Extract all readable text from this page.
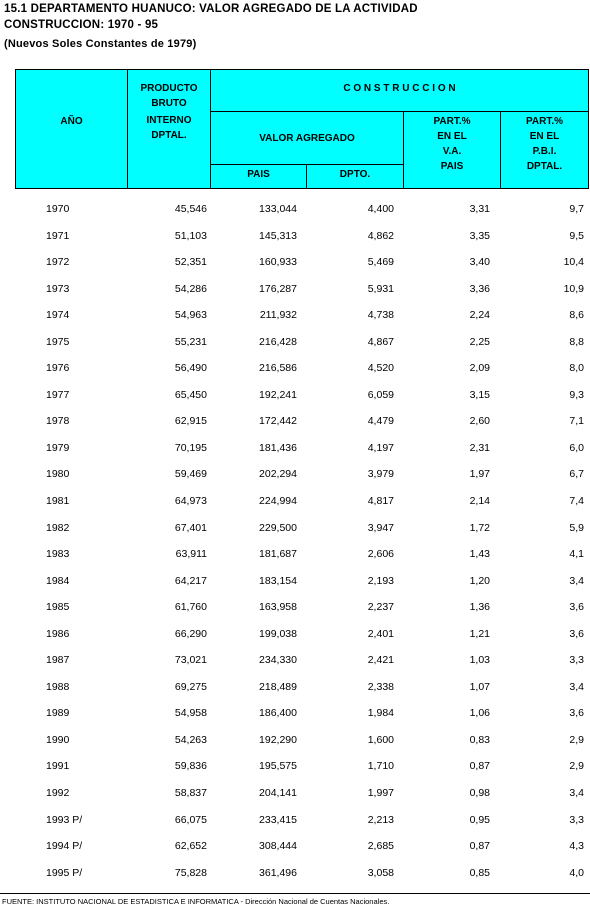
15.1 DEPARTAMENTO HUANUCO: VALOR AGREGADO DE LA ACTIVIDAD
CONSTRUCCION: 1970 - 95
(Nuevos Soles Constantes de 1979)
AÑO
PRODUCTO
BRUTO
INTERNO
DPTAL.
C O N S T R U C C I O N
VALOR AGREGADO
PAIS	DPTO.
PART.%
EN EL
V.A.
PAIS
PART.%
EN EL
P.B.I.
DPTAL.
1970	45,546	133,044	4,400	3,31	9,7
1971	51,103	145,313	4,862	3,35	9,5
1972	52,351	160,933	5,469	3,40	10,4
1973	54,286	176,287	5,931	3,36	10,9
1974	54,963	211,932	4,738	2,24	8,6
1975	55,231	216,428	4,867	2,25	8,8
1976	56,490	216,586	4,520	2,09	8,0
1977	65,450	192,241	6,059	3,15	9,3
1978	62,915	172,442	4,479	2,60	7,1
1979	70,195	181,436	4,197	2,31	6,0
1980	59,469	202,294	3,979	1,97	6,7
1981	64,973	224,994	4,817	2,14	7,4
1982	67,401	229,500	3,947	1,72	5,9
1983	63,911	181,687	2,606	1,43	4,1
1984	64,217	183,154	2,193	1,20	3,4
1985	61,760	163,958	2,237	1,36	3,6
1986	66,290	199,038	2,401	1,21	3,6
1987	73,021	234,330	2,421	1,03	3,3
1988	69,275	218,489	2,338	1,07	3,4
1989	54,958	186,400	1,984	1,06	3,6
1990	54,263	192,290	1,600	0,83	2,9
1991	59,836	195,575	1,710	0,87	2,9
1992	58,837	204,141	1,997	0,98	3,4
1993 P/	66,075	233,415	2,213	0,95	3,3
1994 P/	62,652	308,444	2,685	0,87	4,3
1995 P/	75,828	361,496	3,058	0,85	4,0
FUENTE: INSTITUTO NACIONAL DE ESTADISTICA E INFORMATICA - Dirección Nacional de Cuentas Nacionales.
